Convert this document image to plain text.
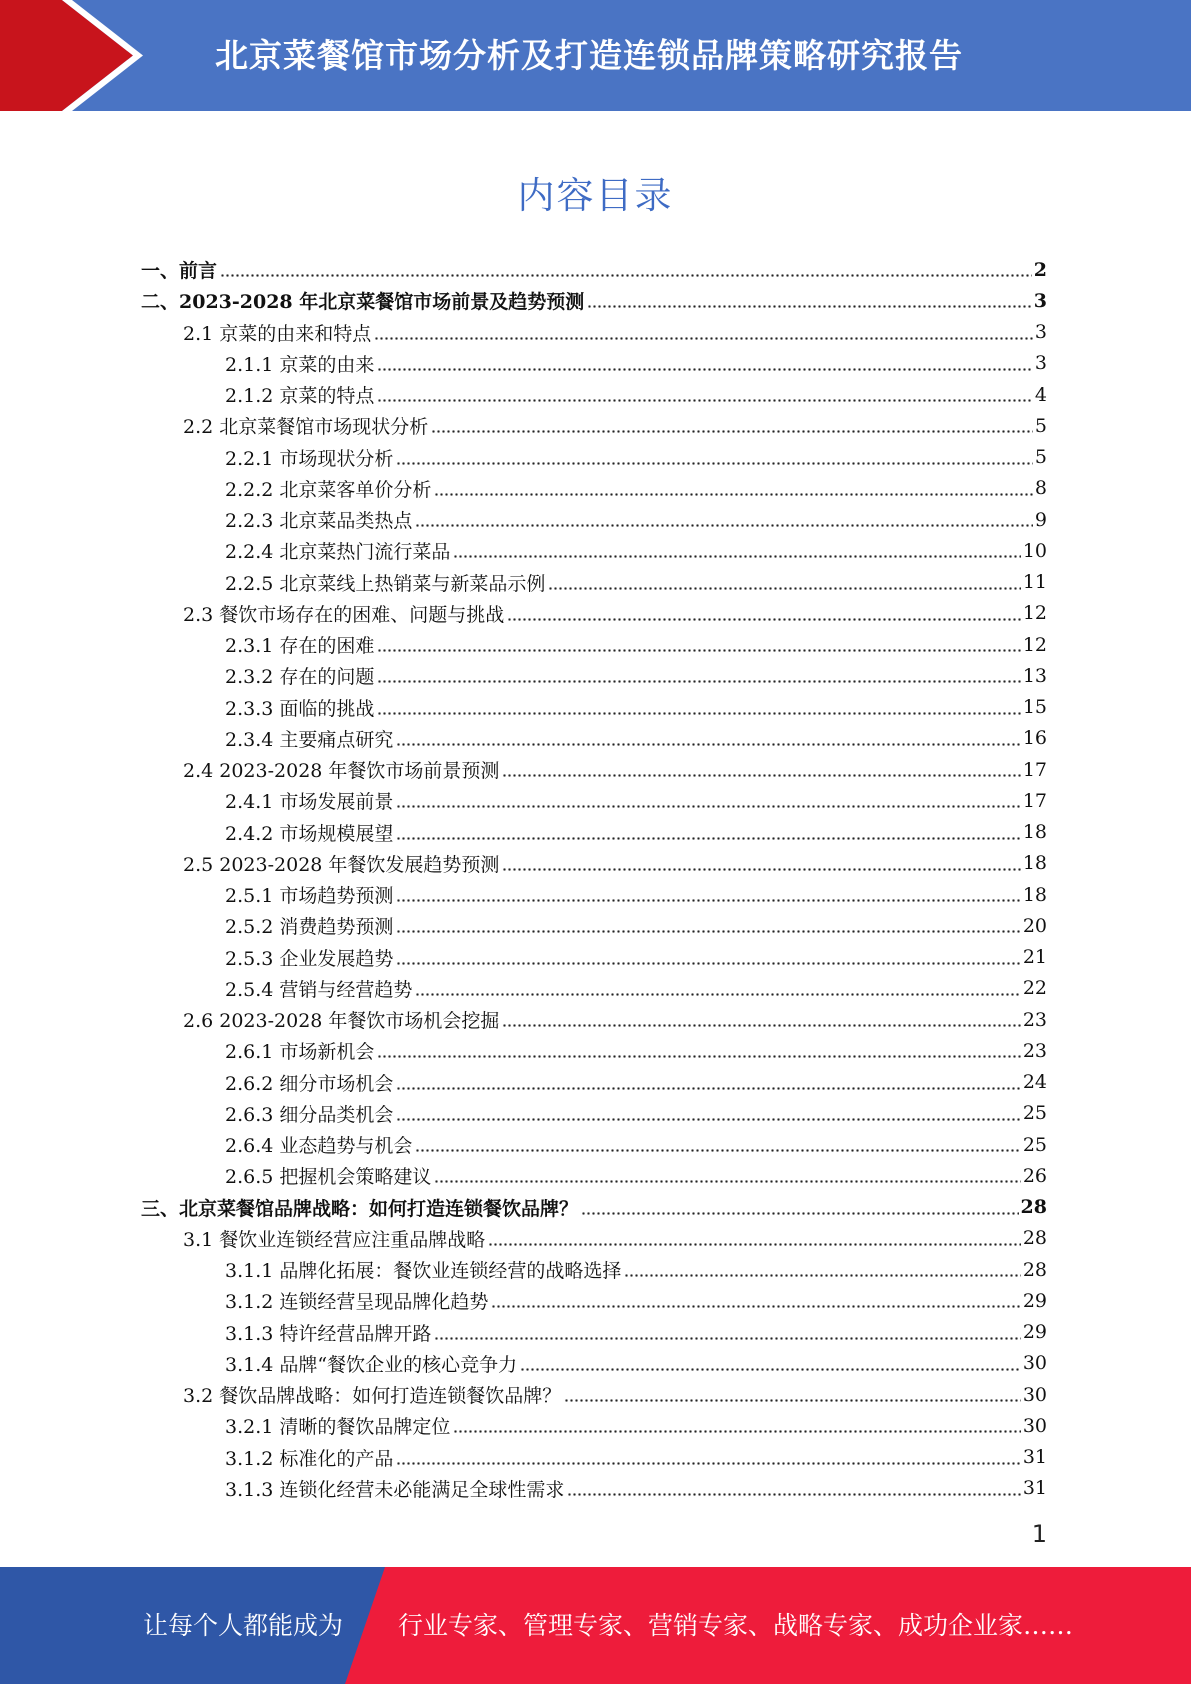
北京菜餐馆市场分析及打造连锁品牌策略研究报告
内容目录
一、前言	2
二、2023-2028 年北京菜餐馆市场前景及趋势预测	3
2.1 京菜的由来和特点	3
2.1.1 京菜的由来	3
2.1.2 京菜的特点	4
2.2 北京菜餐馆市场现状分析	5
2.2.1 市场现状分析	5
2.2.2 北京菜客单价分析	8
2.2.3 北京菜品类热点	9
2.2.4 北京菜热门流行菜品	10
2.2.5 北京菜线上热销菜与新菜品示例	11
2.3 餐饮市场存在的困难、问题与挑战	12
2.3.1 存在的困难	12
2.3.2 存在的问题	13
2.3.3 面临的挑战	15
2.3.4 主要痛点研究	16
2.4 2023-2028 年餐饮市场前景预测	17
2.4.1 市场发展前景	17
2.4.2 市场规模展望	18
2.5 2023-2028 年餐饮发展趋势预测	18
2.5.1 市场趋势预测	18
2.5.2 消费趋势预测	20
2.5.3 企业发展趋势	21
2.5.4 营销与经营趋势	22
2.6 2023-2028 年餐饮市场机会挖掘	23
2.6.1 市场新机会	23
2.6.2 细分市场机会	24
2.6.3 细分品类机会	25
2.6.4 业态趋势与机会	25
2.6.5 把握机会策略建议	26
三、北京菜餐馆品牌战略：如何打造连锁餐饮品牌？	28
3.1 餐饮业连锁经营应注重品牌战略	28
3.1.1 品牌化拓展：餐饮业连锁经营的战略选择	28
3.1.2 连锁经营呈现品牌化趋势	29
3.1.3 特许经营品牌开路	29
3.1.4 品牌“餐饮企业的核心竞争力	30
3.2 餐饮品牌战略：如何打造连锁餐饮品牌？	30
3.2.1 清晰的餐饮品牌定位	30
3.1.2 标准化的产品	31
3.1.3 连锁化经营未必能满足全球性需求	31
1
让每个人都能成为 行业专家、管理专家、营销专家、战略专家、成功企业家……
